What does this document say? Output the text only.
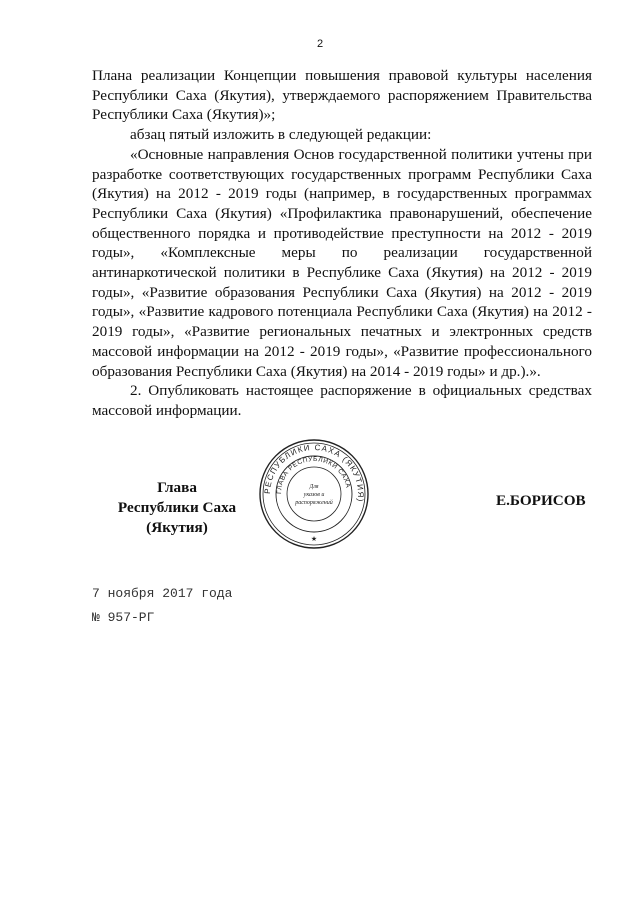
2

Плана реализации Концепции повышения правовой культуры населения Республики Саха (Якутия), утверждаемого распоряжением Правительства Республики Саха (Якутия)»;

абзац пятый изложить в следующей редакции:

«Основные направления Основ государственной политики учтены при разработке соответствующих государственных программ Республики Саха (Якутия) на 2012 - 2019 годы (например, в государственных программах Республики Саха (Якутия) «Профилактика правонарушений, обеспечение общественного порядка и противодействие преступности на 2012 - 2019 годы», «Комплексные меры по реализации государственной антинаркотической политики в Республике Саха (Якутия) на 2012 - 2019 годы», «Развитие образования Республики Саха (Якутия) на 2012 - 2019 годы», «Развитие кадрового потенциала Республики Саха (Якутия) на 2012 - 2019 годы», «Развитие региональных печатных и электронных средств массовой информации на 2012 - 2019 годы», «Развитие профессионального образования Республики Саха (Якутия) на 2014 - 2019 годы» и др.).».

2. Опубликовать настоящее распоряжение в официальных средствах массовой информации.

Глава
Республики Саха (Якутия)
РЕСПУБЛИКИ САХА (ЯКУТИЯ)
ГЛАВА РЕСПУБЛИКИ САХА
Для
указов и
распоряжений
★
Е.БОРИСОВ
7 ноября 2017 года
№ 957-РГ
